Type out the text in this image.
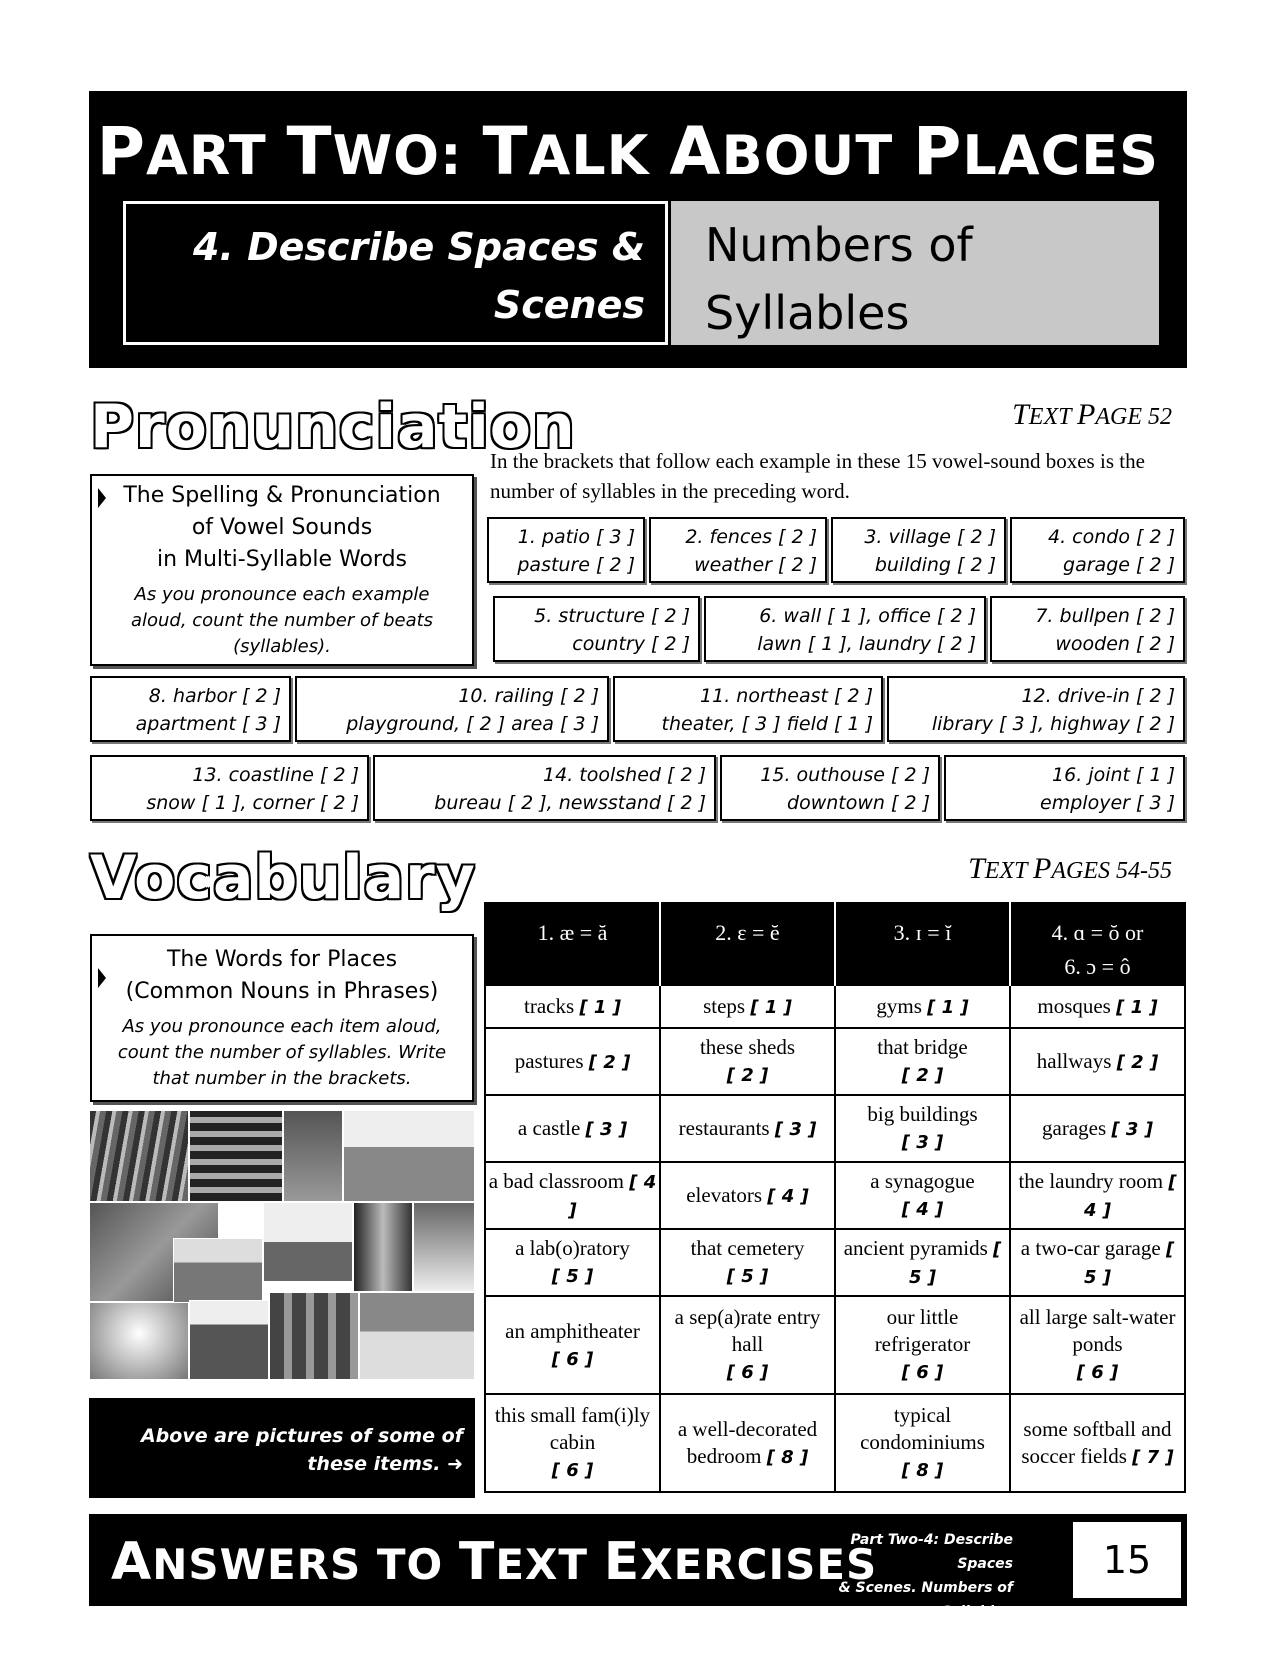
PART TWO: TALK ABOUT PLACES
4. Describe Spaces &
Scenes
Numbers of
Syllables
Pronunciation	TEXT PAGE 52
The Spelling & Pronunciation
of Vowel Sounds
in Multi-Syllable Words
As you pronounce each example aloud, count the number of beats (syllables).
In the brackets that follow each example in these 15 vowel-sound boxes is the number of syllables in the preceding word.
1. patio [ 3 ]
pasture [ 2 ]
2. fences [ 2 ]
weather [ 2 ]
3. village [ 2 ]
building [ 2 ]
4. condo [ 2 ]
garage [ 2 ]
5. structure [ 2 ]
country [ 2 ]
6. wall [ 1 ], office [ 2 ]
lawn [ 1 ], laundry [ 2 ]
7. bullpen [ 2 ]
wooden [ 2 ]
8. harbor [ 2 ]
apartment [ 3 ]
10. railing [ 2 ]
playground, [ 2 ] area [ 3 ]
11. northeast [ 2 ]
theater, [ 3 ] field [ 1 ]
12. drive-in [ 2 ]
library [ 3 ], highway [ 2 ]
13. coastline [ 2 ]
snow [ 1 ], corner [ 2 ]
14. toolshed [ 2 ]
bureau [ 2 ], newsstand [ 2 ]
15. outhouse [ 2 ]
downtown [ 2 ]
16. joint [ 1 ]
employer [ 3 ]
Vocabulary	TEXT PAGES 54-55
The Words for Places
(Common Nouns in Phrases)
As you pronounce each item aloud, count the number of syllables. Write that number in the brackets.
Above are pictures of some of
these items. ➜
1. æ = ă	2. ɛ = ĕ	3. ɪ = ĭ	4. ɑ = ŏ or
6. ɔ = ô

tracks [ 1 ]	steps [ 1 ]	gyms [ 1 ]	mosques [ 1 ]
pastures [ 2 ]	these sheds
[ 2 ]	that bridge
[ 2 ]	hallways [ 2 ]
a castle [ 3 ]	restaurants [ 3 ]	big buildings
[ 3 ]	garages [ 3 ]
a bad classroom [ 4 ]	elevators [ 4 ]	a synagogue
[ 4 ]	the laundry room [ 4 ]
a lab(o)ratory
[ 5 ]	that cemetery
[ 5 ]	ancient pyramids [ 5 ]	a two-car garage [ 5 ]
an amphitheater
[ 6 ]	a sep(a)rate entry hall
[ 6 ]	our little refrigerator
[ 6 ]	all large salt-water ponds
[ 6 ]
this small fam(i)ly cabin
[ 6 ]	a well-decorated bedroom [ 8 ]	typical condominiums
[ 8 ]	some softball and soccer fields [ 7 ]
ANSWERS TO TEXT EXERCISES
Part Two-4: Describe Spaces
& Scenes. Numbers of
Syllables
15
